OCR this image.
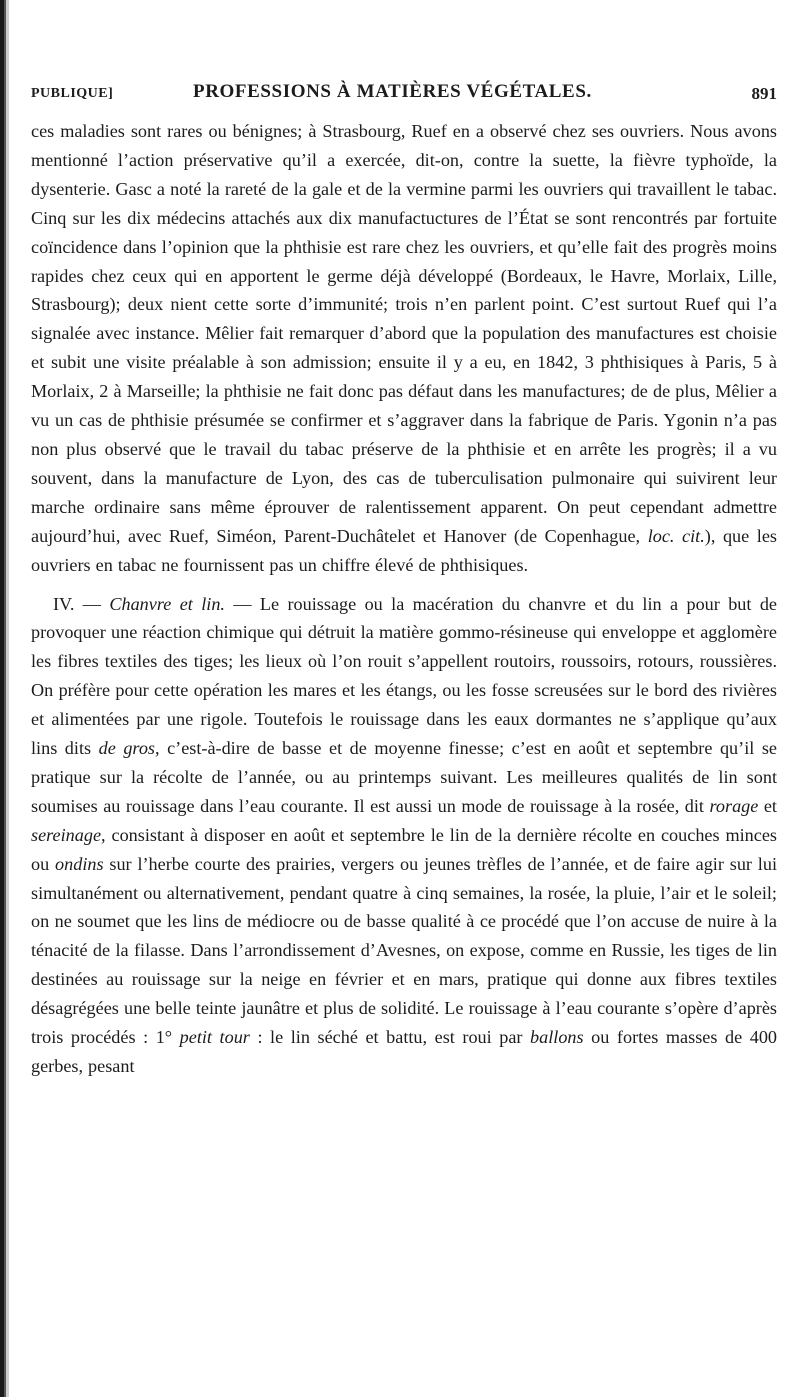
PUBLIQUE]	PROFESSIONS À MATIÈRES VÉGÉTALES.	891

ces maladies sont rares ou bénignes; à Strasbourg, Ruef en a observé chez ses ouvriers. Nous avons mentionné l’action préservative qu’il a exercée, dit-on, contre la suette, la fièvre typhoïde, la dysenterie. Gasc a noté la rareté de la gale et de la vermine parmi les ouvriers qui travaillent le tabac. Cinq sur les dix médecins attachés aux dix manufactuctures de l’État se sont rencontrés par fortuite coïncidence dans l’opinion que la phthisie est rare chez les ouvriers, et qu’elle fait des progrès moins rapides chez ceux qui en apportent le germe déjà développé (Bordeaux, le Havre, Morlaix, Lille, Strasbourg); deux nient cette sorte d’immunité; trois n’en parlent point. C’est surtout Ruef qui l’a signalée avec instance. Mêlier fait remarquer d’abord que la population des manufactures est choisie et subit une visite préalable à son admission; ensuite il y a eu, en 1842, 3 phthisiques à Paris, 5 à Morlaix, 2 à Marseille; la phthisie ne fait donc pas défaut dans les manufactures; de de plus, Mêlier a vu un cas de phthisie présumée se confirmer et s’aggraver dans la fabrique de Paris. Ygonin n’a pas non plus observé que le travail du tabac préserve de la phthisie et en arrête les progrès; il a vu souvent, dans la manufacture de Lyon, des cas de tuberculisation pulmonaire qui suivirent leur marche ordinaire sans même éprouver de ralentissement apparent. On peut cependant admettre aujourd’hui, avec Ruef, Siméon, Parent-Duchâtelet et Hanover (de Copenhague, loc. cit.), que les ouvriers en tabac ne fournissent pas un chiffre élevé de phthisiques.

IV. — Chanvre et lin. — Le rouissage ou la macération du chanvre et du lin a pour but de provoquer une réaction chimique qui détruit la matière gommo-résineuse qui enveloppe et agglomère les fibres textiles des tiges; les lieux où l’on rouit s’appellent routoirs, roussoirs, rotours, roussières. On préfère pour cette opération les mares et les étangs, ou les fosse screusées sur le bord des rivières et alimentées par une rigole. Toutefois le rouissage dans les eaux dormantes ne s’applique qu’aux lins dits de gros, c’est-à-dire de basse et de moyenne finesse; c’est en août et septembre qu’il se pratique sur la récolte de l’année, ou au printemps suivant. Les meilleures qualités de lin sont soumises au rouissage dans l’eau courante. Il est aussi un mode de rouissage à la rosée, dit rorage et sereinage, consistant à disposer en août et septembre le lin de la dernière récolte en couches minces ou ondins sur l’herbe courte des prairies, vergers ou jeunes trèfles de l’année, et de faire agir sur lui simultanément ou alternativement, pendant quatre à cinq semaines, la rosée, la pluie, l’air et le soleil; on ne soumet que les lins de médiocre ou de basse qualité à ce procédé que l’on accuse de nuire à la ténacité de la filasse. Dans l’arrondissement d’Avesnes, on expose, comme en Russie, les tiges de lin destinées au rouissage sur la neige en février et en mars, pratique qui donne aux fibres textiles désagrégées une belle teinte jaunâtre et plus de solidité. Le rouissage à l’eau courante s’opère d’après trois procédés : 1° petit tour : le lin séché et battu, est roui par ballons ou fortes masses de 400 gerbes, pesant
